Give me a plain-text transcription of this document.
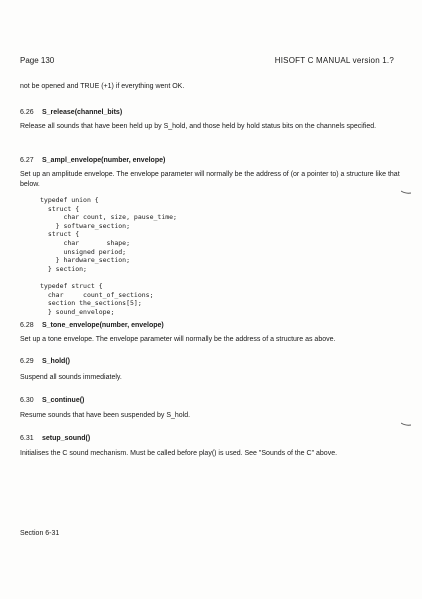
Page 130	HISOFT C MANUAL version 1.?
not be opened and TRUE (+1) if everything went OK.
6.26 S_release(channel_bits)
Release all sounds that have been held up by S_hold, and those held by hold status bits on the channels specified.
6.27 S_ampl_envelope(number, envelope)
Set up an amplitude envelope. The envelope parameter will normally be the address of (or a pointer to) a structure like that below.
typedef union {
struct {
char count, size, pause_time;
} software_section;
struct {
char       shape;
unsigned period;
} hardware_section;
} section;

typedef struct {
char     count_of_sections;
section the_sections[5];
} sound_envelope;
6.28 S_tone_envelope(number, envelope)
Set up a tone envelope. The envelope parameter will normally be the address of a structure as above.
6.29 S_hold()
Suspend all sounds immediately.
6.30 S_continue()
Resume sounds that have been suspended by S_hold.
6.31 setup_sound()
Initialises the C sound mechanism. Must be called before play() is used. See "Sounds of the C" above.
Section 6-31
